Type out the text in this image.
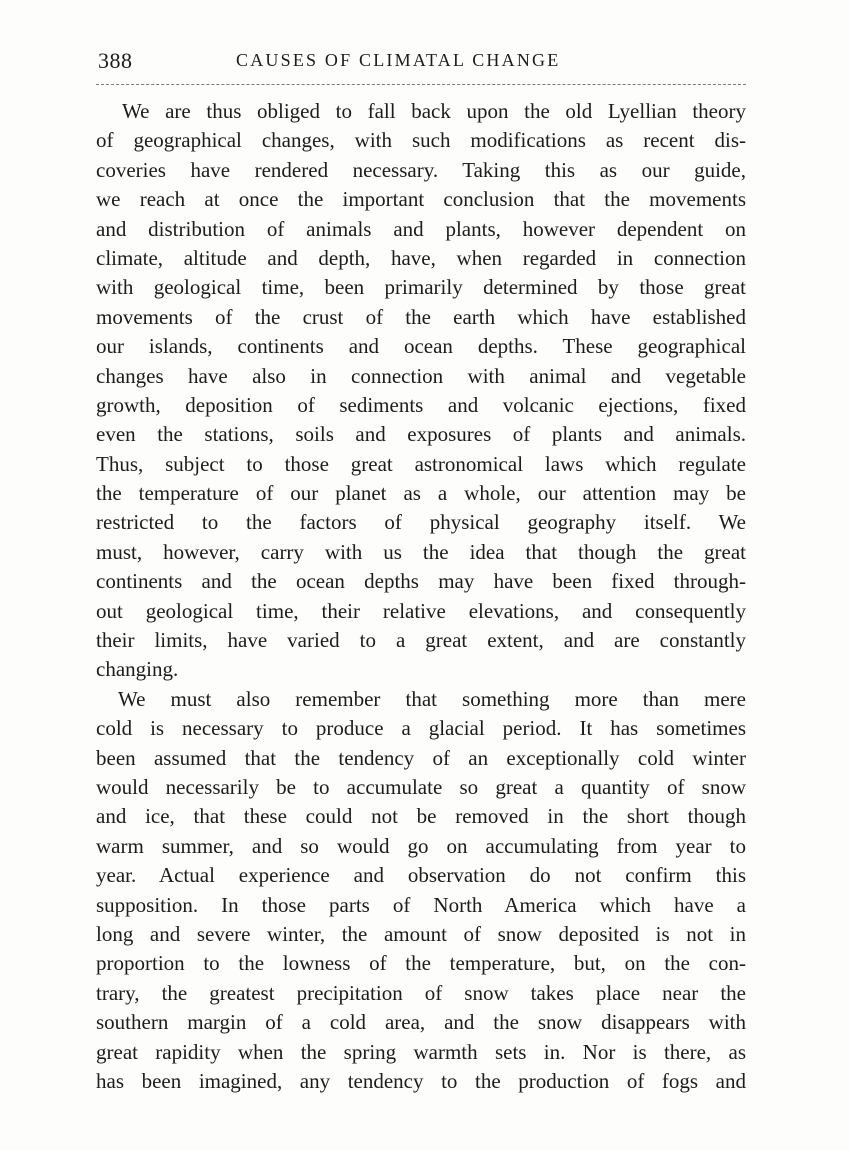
388	CAUSES OF CLIMATAL CHANGE
We are thus obliged to fall back upon the old Lyellian theory
of geographical changes, with such modifications as recent dis-
coveries have rendered necessary. Taking this as our guide,
we reach at once the important conclusion that the movements
and distribution of animals and plants, however dependent on
climate, altitude and depth, have, when regarded in connection
with geological time, been primarily determined by those great
movements of the crust of the earth which have established
our islands, continents and ocean depths. These geographical
changes have also in connection with animal and vegetable
growth, deposition of sediments and volcanic ejections, fixed
even the stations, soils and exposures of plants and animals.
Thus, subject to those great astronomical laws which regulate
the temperature of our planet as a whole, our attention may be
restricted to the factors of physical geography itself. We
must, however, carry with us the idea that though the great
continents and the ocean depths may have been fixed through-
out geological time, their relative elevations, and consequently
their limits, have varied to a great extent, and are constantly
changing.
We must also remember that something more than mere
cold is necessary to produce a glacial period. It has sometimes
been assumed that the tendency of an exceptionally cold winter
would necessarily be to accumulate so great a quantity of snow
and ice, that these could not be removed in the short though
warm summer, and so would go on accumulating from year to
year. Actual experience and observation do not confirm this
supposition. In those parts of North America which have a
long and severe winter, the amount of snow deposited is not in
proportion to the lowness of the temperature, but, on the con-
trary, the greatest precipitation of snow takes place near the
southern margin of a cold area, and the snow disappears with
great rapidity when the spring warmth sets in. Nor is there, as
has been imagined, any tendency to the production of fogs and
